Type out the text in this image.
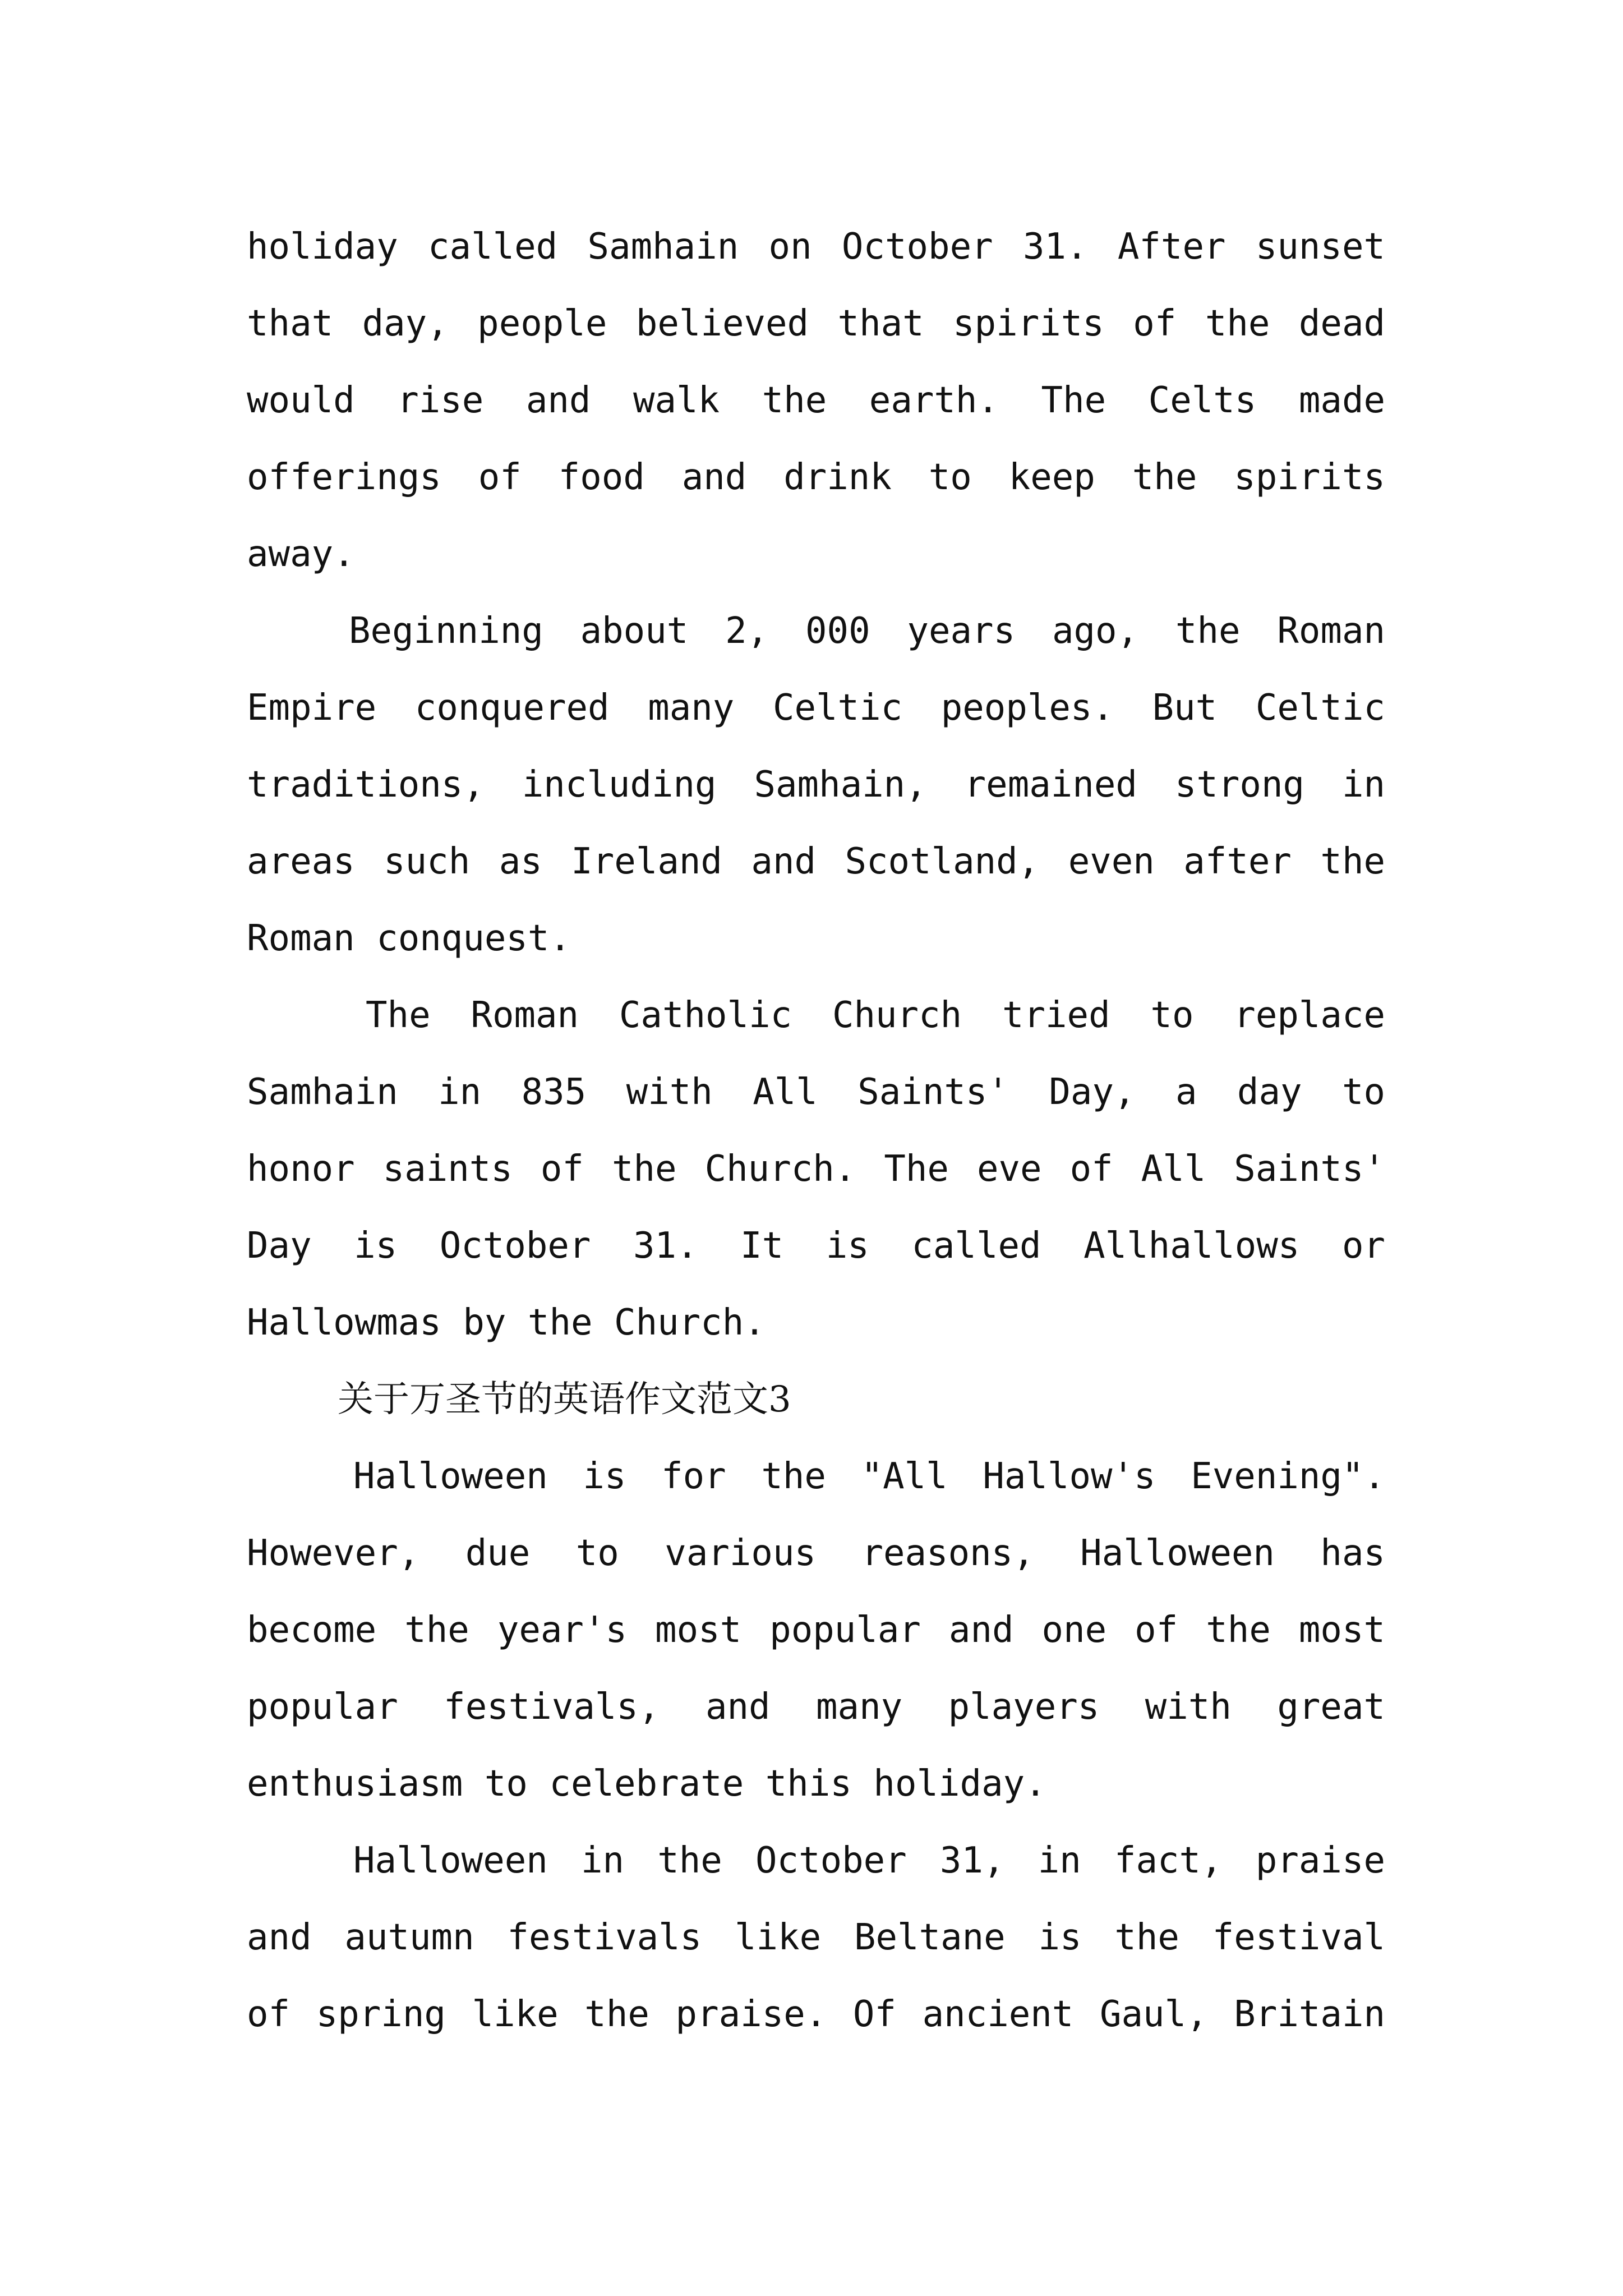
holiday called Samhain on October 31. After sunset
that day, people believed that spirits of the dead
would rise and walk the earth. The Celts made
offerings of food and drink to keep the spirits
away.
Beginning about 2, 000 years ago, the Roman
Empire conquered many Celtic peoples. But Celtic
traditions, including Samhain, remained strong in
areas such as Ireland and Scotland, even after the
Roman conquest.
The Roman Catholic Church tried to replace
Samhain in 835 with All Saints' Day, a day to
honor saints of the Church. The eve of All Saints'
Day is October 31. It is called Allhallows or
Hallowmas by the Church.
关于万圣节的英语作文范文3
Halloween is for the "All Hallow's Evening".
However, due to various reasons, Halloween has
become the year's most popular and one of the most
popular festivals, and many players with great
enthusiasm to celebrate this holiday.
Halloween in the October 31, in fact, praise
and autumn festivals like Beltane is the festival
of spring like the praise. Of ancient Gaul, Britain
